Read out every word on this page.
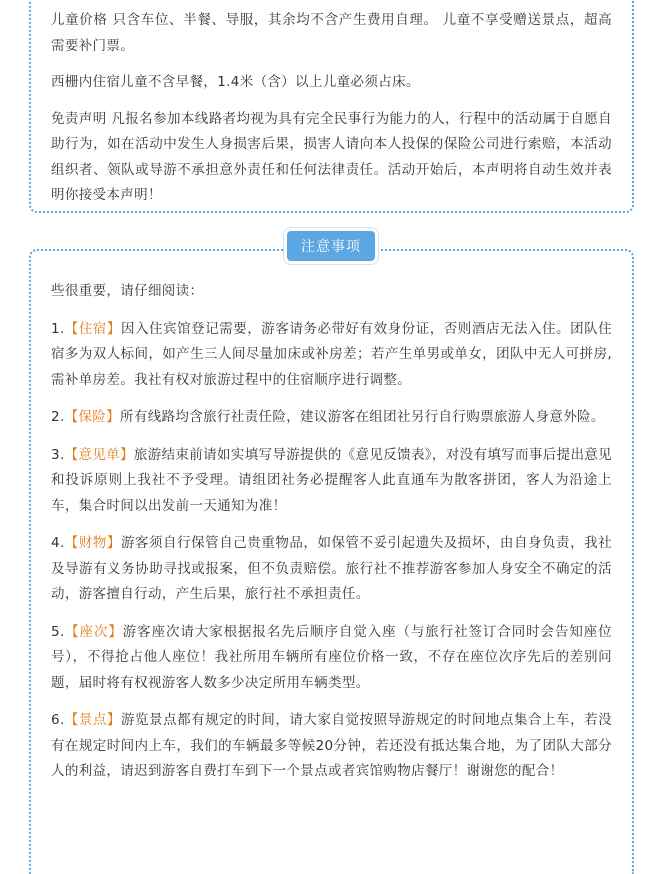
儿童价格 只含车位、半餐、导服，其余均不含产生费用自理。 儿童不享受赠送景点，超高需要补门票。

西栅内住宿儿童不含早餐，1.4米（含）以上儿童必须占床。

免责声明 凡报名参加本线路者均视为具有完全民事行为能力的人，行程中的活动属于自愿自助行为，如在活动中发生人身损害后果，损害人请向本人投保的保险公司进行索赔，本活动组织者、领队或导游不承担意外责任和任何法律责任。活动开始后，本声明将自动生效并表明你接受本声明！

注意事项

些很重要，请仔细阅读：

1.【住宿】因入住宾馆登记需要，游客请务必带好有效身份证，否则酒店无法入住。团队住宿多为双人标间，如产生三人间尽量加床或补房差；若产生单男或单女，团队中无人可拼房,需补单房差。我社有权对旅游过程中的住宿顺序进行调整。

2.【保险】所有线路均含旅行社责任险，建议游客在组团社另行自行购票旅游人身意外险。

3.【意见单】旅游结束前请如实填写导游提供的《意见反馈表》，对没有填写而事后提出意见和投诉原则上我社不予受理。请组团社务必提醒客人此直通车为散客拼团，客人为沿途上车，集合时间以出发前一天通知为准！

4.【财物】游客须自行保管自己贵重物品，如保管不妥引起遗失及损坏，由自身负责，我社及导游有义务协助寻找或报案，但不负责赔偿。旅行社不推荐游客参加人身安全不确定的活动，游客擅自行动，产生后果，旅行社不承担责任。

5.【座次】游客座次请大家根据报名先后顺序自觉入座（与旅行社签订合同时会告知座位号），不得抢占他人座位！我社所用车辆所有座位价格一致，不存在座位次序先后的差别问题，届时将有权视游客人数多少决定所用车辆类型。

6.【景点】游览景点都有规定的时间，请大家自觉按照导游规定的时间地点集合上车，若没有在规定时间内上车，我们的车辆最多等候20分钟，若还没有抵达集合地，为了团队大部分人的利益，请迟到游客自费打车到下一个景点或者宾馆购物店餐厅！谢谢您的配合！
